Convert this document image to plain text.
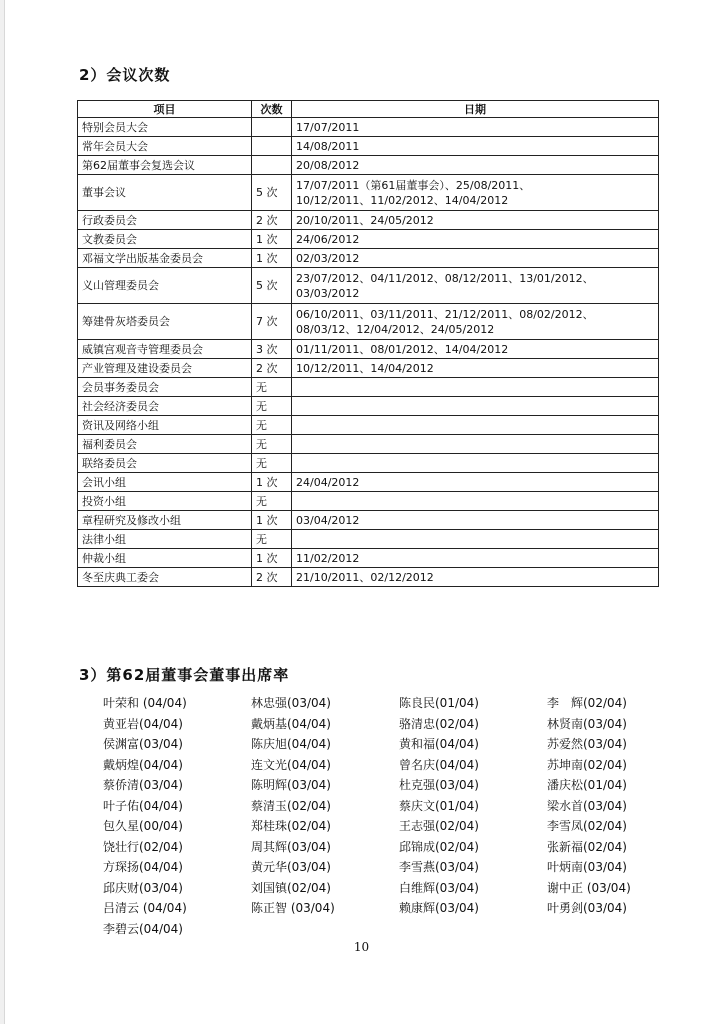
2）会议次数
项目	次数	日期
特别会员大会		17/07/2011

常年会员大会		14/08/2011

第62届董事会复选会议		20/08/2012

董事会议	5 次	17/07/2011（第61届董事会）、25/08/2011、
10/12/2011、11/02/2012、14/04/2012

行政委员会	2 次	20/10/2011、24/05/2012

文教委员会	1 次	24/06/2012

邓福文学出版基金委员会	1 次	02/03/2012

义山管理委员会	5 次	23/07/2012、04/11/2012、08/12/2011、13/01/2012、
03/03/2012

筹建骨灰塔委员会	7 次	06/10/2011、03/11/2011、21/12/2011、08/02/2012、
08/03/12、12/04/2012、24/05/2012

威镇宫观音寺管理委员会	3 次	01/11/2011、08/01/2012、14/04/2012

产业管理及建设委员会	2 次	10/12/2011、14/04/2012

会员事务委员会	无	
社会经济委员会	无	
资讯及网络小组	无	
福利委员会	无	
联络委员会	无	
会讯小组	1 次	24/04/2012

投资小组	无	
章程研究及修改小组	1 次	03/04/2012

法律小组	无	
仲裁小组	1 次	11/02/2012

冬至庆典工委会	2 次	21/10/2011、02/12/2012
3）第62届董事会董事出席率
叶荣和 (04/04)	林忠强(03/04)	陈良民(01/04)	李　辉(02/04)
黄亚岩(04/04)	戴炳基(04/04)	骆清忠(02/04)	林贤南(03/04)
侯渊富(03/04)	陈庆旭(04/04)	黄和福(04/04)	苏爱然(03/04)
戴炳煌(04/04)	连文光(04/04)	曾名庆(04/04)	苏坤南(02/04)
蔡侨清(03/04)	陈明辉(03/04)	杜克强(03/04)	潘庆松(01/04)
叶子佑(04/04)	蔡清玉(02/04)	蔡庆文(01/04)	梁水首(03/04)
包久星(00/04)	郑桂珠(02/04)	王志强(02/04)	李雪凤(02/04)
饶壮行(02/04)	周其辉(03/04)	邱锦成(02/04)	张新福(02/04)
方琛扬(04/04)	黄元华(03/04)	李雪燕(03/04)	叶炳南(03/04)
邱庆财(03/04)	刘国镇(02/04)	白维辉(03/04)	谢中正 (03/04)
吕清云 (04/04)	陈正智 (03/04)	赖康辉(03/04)	叶勇剑(03/04)
李碧云(04/04)
10
